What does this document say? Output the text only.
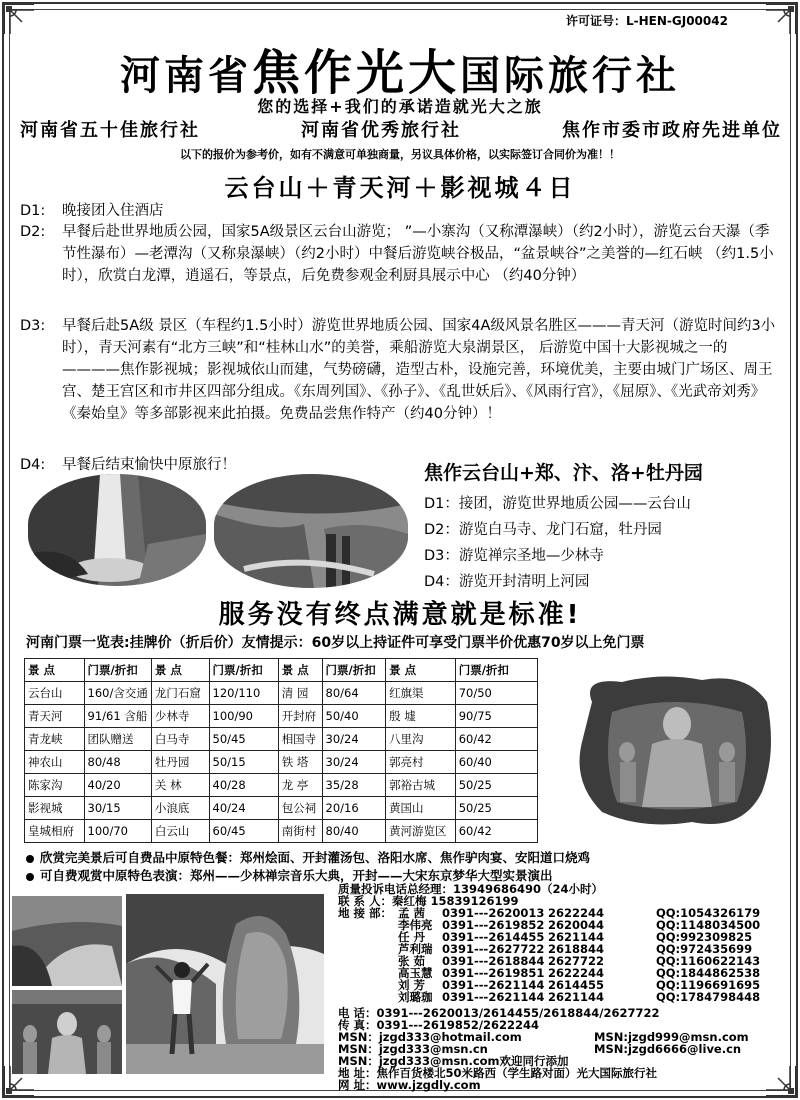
许可证号：L-HEN-GJ00042
河南省焦作光大国际旅行社
您的选择+我们的承诺造就光大之旅
河南省五十佳旅行社	河南省优秀旅行社	焦作市委市政府先进单位
以下的报价为参考价，如有不满意可单独商量，另议具体价格，以实际签订合同价为准！！
云台山＋青天河＋影视城４日
D1: 晚接团入住酒店
D2: 早餐后赴世界地质公园，国家5A级景区云台山游览； ”—小寨沟（又称潭瀑峡）（约2小时），游览云台天瀑（季节性瀑布）—老潭沟（又称泉瀑峡）（约2小时）中餐后游览峡谷极品，“盆景峡谷”之美誉的—红石峡 （约1.5小时），欣赏白龙潭，逍遥石，等景点，后免费参观金利厨具展示中心 （约40分钟）
D3: 早餐后赴5A级 景区（车程约1.5小时）游览世界地质公园、国家4A级风景名胜区———青天河（游览时间约3小时），青天河素有“北方三峡”和“桂林山水”的美誉，乘船游览大泉湖景区， 后游览中国十大影视城之一的————焦作影视城；影视城依山而建，气势磅礴，造型古朴，设施完善，环境优美，主要由城门广场区、周王宫、楚王宫区和市井区四部分组成。《东周列国》、《孙子》、《乱世妖后》、《风雨行宫》，《屈原》、《光武帝刘秀》《秦始皇》等多部影视来此拍摄。免费品尝焦作特产（约40分钟）！
D4: 早餐后结束愉快中原旅行！	焦作云台山+郑、汴、洛+牡丹园
D1：接团，游览世界地质公园——云台山
D2：游览白马寺、龙门石窟，牡丹园
D3：游览禅宗圣地—少林寺
D4：游览开封清明上河园
服务没有终点满意就是标准!
河南门票一览表:挂牌价（折后价）友情提示：60岁以上持证件可享受门票半价优惠70岁以上免门票
景 点	门票/折扣	景 点	门票/折扣	景 点	门票/折扣	景 点	门票/折扣
云台山	160/含交通	龙门石窟	120/110	清 园	80/64	红旗渠	70/50
青天河	91/61 含船	少林寺	100/90	开封府	50/40	殷 墟	90/75
青龙峡	团队赠送	白马寺	50/45	相国寺	30/24	八里沟	60/42
神农山	80/48	牡丹园	50/15	铁 塔	30/24	郭亮村	60/40
陈家沟	40/20	关 林	40/28	龙 亭	35/28	郭裕古城	50/25
影视城	30/15	小浪底	40/24	包公祠	20/16	黄国山	50/25
皇城相府	100/70	白云山	60/45	南街村	80/40	黄河游览区	60/42
欣赏完美景后可自费品中原特色餐：郑州烩面、开封灌汤包、洛阳水席、焦作驴肉宴、安阳道口烧鸡
可自费观赏中原特色表演：郑州——少林禅宗音乐大典，开封——大宋东京梦华大型实景演出
质量投诉电话总经理：13949686490（24小时）
联 系 人：秦红梅 15839126199
地 接 部： 孟 茜 0391---2620013 2622244	QQ:1054326179
李伟亮 0391---2619852 2620044	QQ:1148034500
任 丹 0391---2614455 2621144	QQ:992309825
芦利瑞 0391---2627722 2618844	QQ:972435699
张 茹 0391---2618844 2627722	QQ:1160622143
高玉慧 0391---2619851 2622244	QQ:1844862538
刘 芳 0391---2621144 2614455	QQ:1196691695
刘璐珈 0391---2621144 2621144	QQ:1784798448
电 话：0391---2620013/2614455/2618844/2627722
传 真：0391---2619852/2622244
MSN：jzgd333@hotmail.com	MSN:jzgd999@msn.com
MSN：jzgd333@msn.cn	MSN:jzgd6666@live.cn
MSN：jzgd333@msn.com欢迎同行添加
地 址：焦作百货楼北50米路西（学生路对面）光大国际旅行社
网 址：www.jzgdly.com
